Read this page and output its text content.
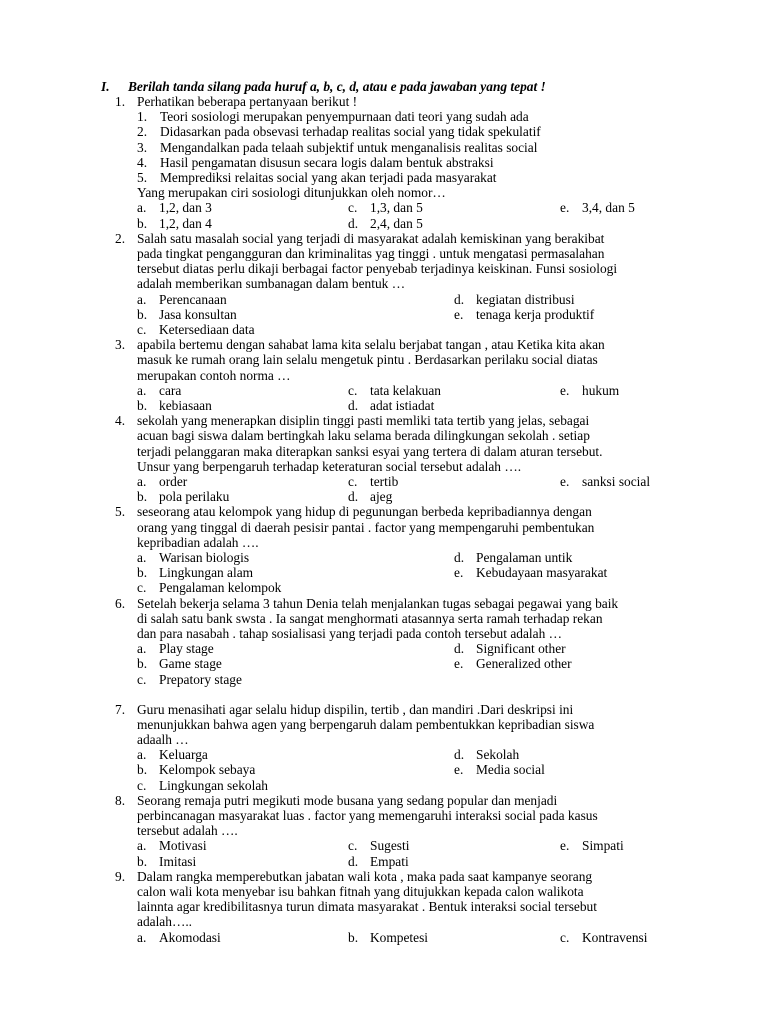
I. Berilah tanda silang pada huruf a, b, c, d, atau e pada jawaban yang tepat !
1. Perhatikan beberapa pertanyaan berikut !
1. Teori sosiologi merupakan penyempurnaan dati teori yang sudah ada
2. Didasarkan pada obsevasi terhadap realitas social yang tidak spekulatif
3. Mengandalkan pada telaah subjektif untuk menganalisis realitas social
4. Hasil pengamatan disusun secara logis dalam bentuk abstraksi
5. Memprediksi relaitas social yang akan terjadi pada masyarakat
Yang merupakan ciri sosiologi ditunjukkan oleh nomor…
a. 1,2, dan 3	c. 1,3, dan 5	e. 3,4, dan 5
b. 1,2, dan 4	d. 2,4, dan 5
2. Salah satu masalah social yang terjadi di masyarakat adalah kemiskinan yang berakibat
pada tingkat pengangguran dan kriminalitas yag tinggi . untuk mengatasi permasalahan
tersebut diatas perlu dikaji berbagai factor penyebab terjadinya keiskinan. Funsi sosiologi
adalah memberikan sumbanagan dalam bentuk …
a. Perencanaan	d. kegiatan distribusi
b. Jasa konsultan	e. tenaga kerja produktif
c. Ketersediaan data
3. apabila bertemu dengan sahabat lama kita selalu berjabat tangan , atau Ketika kita akan
masuk ke rumah orang lain selalu mengetuk pintu . Berdasarkan perilaku social diatas
merupakan contoh norma …
a. cara	c. tata kelakuan	e. hukum
b. kebiasaan	d. adat istiadat
4. sekolah yang menerapkan disiplin tinggi pasti memliki tata tertib yang jelas, sebagai
acuan bagi siswa dalam bertingkah laku selama berada dilingkungan sekolah . setiap
terjadi pelanggaran maka diterapkan sanksi esyai yang tertera di dalam aturan tersebut.
Unsur yang berpengaruh terhadap keteraturan social tersebut adalah ….
a. order	c. tertib	e. sanksi social
b. pola perilaku	d. ajeg
5. seseorang atau kelompok yang hidup di pegunungan berbeda kepribadiannya dengan
orang yang tinggal di daerah pesisir pantai . factor yang mempengaruhi pembentukan
kepribadian adalah ….
a. Warisan biologis	d. Pengalaman untik
b. Lingkungan alam	e. Kebudayaan masyarakat
c. Pengalaman kelompok
6. Setelah bekerja selama 3 tahun Denia telah menjalankan tugas sebagai pegawai yang baik
di salah satu bank swsta . Ia sangat menghormati atasannya serta ramah terhadap rekan
dan para nasabah . tahap sosialisasi yang terjadi pada contoh tersebut adalah …
a. Play stage	d. Significant other
b. Game stage	e. Generalized other
c. Prepatory stage
7. Guru menasihati agar selalu hidup dispilin, tertib , dan mandiri .Dari deskripsi ini
menunjukkan bahwa agen yang berpengaruh dalam pembentukkan kepribadian siswa
adaalh …
a. Keluarga	d. Sekolah
b. Kelompok sebaya	e. Media social
c. Lingkungan sekolah
8. Seorang remaja putri megikuti mode busana yang sedang popular dan menjadi
perbincanagan masyarakat luas . factor yang memengaruhi interaksi social pada kasus
tersebut adalah ….
a. Motivasi	c. Sugesti	e. Simpati
b. Imitasi	d. Empati
9. Dalam rangka memperebutkan jabatan wali kota , maka pada saat kampanye seorang
calon wali kota menyebar isu bahkan fitnah yang ditujukkan kepada calon walikota
lainnta agar kredibilitasnya turun dimata masyarakat . Bentuk interaksi social tersebut
adalah…..
a. Akomodasi	b. Kompetesi	c. Kontravensi
